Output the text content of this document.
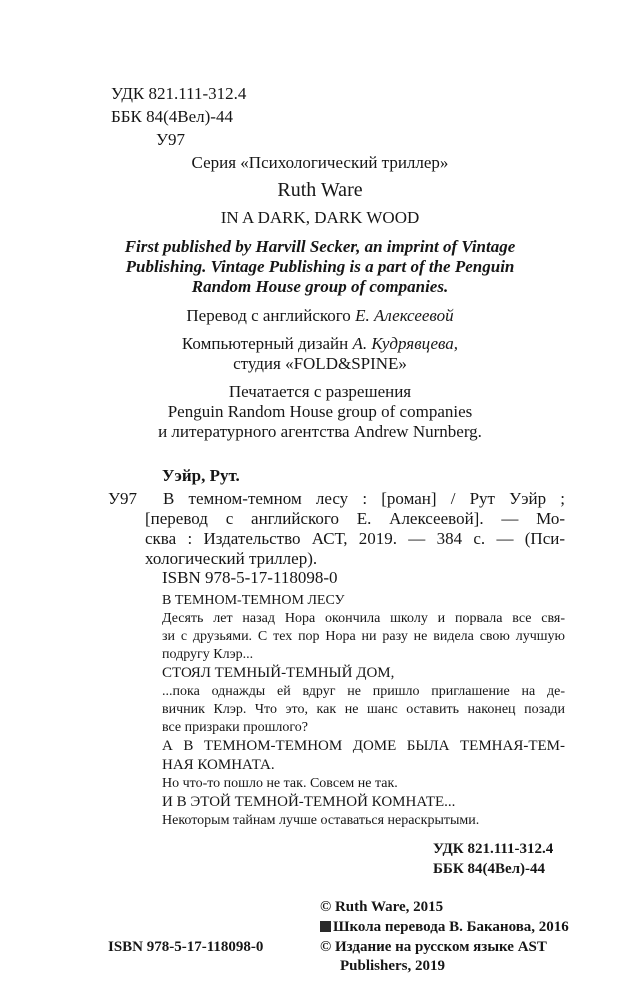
УДК 821.111-312.4
ББК 84(4Вел)-44
У97
Серия «Психологический триллер»
Ruth Ware
IN A DARK, DARK WOOD
First published by Harvill Secker, an imprint of Vintage
Publishing. Vintage Publishing is a part of the Penguin
Random House group of companies.
Перевод с английского Е. Алексеевой
Компьютерный дизайн А. Кудрявцева,
студия «FOLD&SPINE»
Печатается с разрешения
Penguin Random House group of companies
и литературного агентства Andrew Nurnberg.
Уэйр, Рут.
У97	В темном-темном лесу : [роман] / Рут Уэйр ;
[перевод с английского Е. Алексеевой]. — Мо-
сква : Издательство АСТ, 2019. — 384 с. — (Пси-
хологический триллер).
ISBN 978-5-17-118098-0
В ТЕМНОМ-ТЕМНОМ ЛЕСУ
Десять лет назад Нора окончила школу и порвала все свя-
зи с друзьями. С тех пор Нора ни разу не видела свою лучшую
подругу Клэр...
СТОЯЛ ТЕМНЫЙ-ТЕМНЫЙ ДОМ,
...пока однажды ей вдруг не пришло приглашение на де-
вичник Клэр. Что это, как не шанс оставить наконец позади
все призраки прошлого?
А В ТЕМНОМ-ТЕМНОМ ДОМЕ БЫЛА ТЕМНАЯ-ТЕМ-
НАЯ КОМНАТА.
Но что-то пошло не так. Совсем не так.
И В ЭТОЙ ТЕМНОЙ-ТЕМНОЙ КОМНАТЕ...
Некоторым тайнам лучше оставаться нераскрытыми.
УДК 821.111-312.4
ББК 84(4Вел)-44
© Ruth Ware, 2015
Школа перевода В. Баканова, 2016
© Издание на русском языке AST
Publishers, 2019
ISBN 978-5-17-118098-0
